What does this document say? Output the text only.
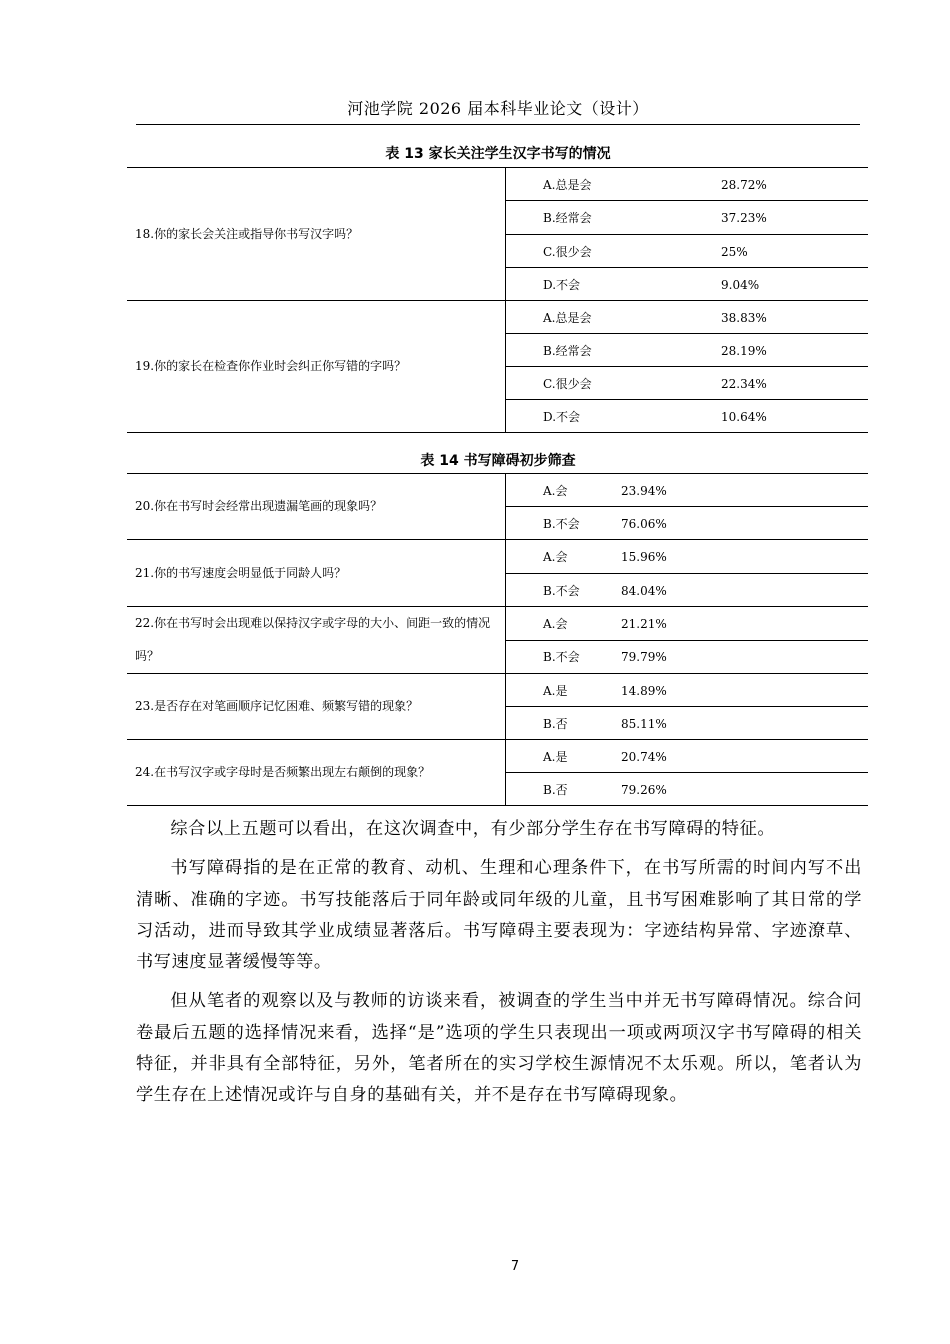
河池学院 2026 届本科毕业论文（设计）
表 13 家长关注学生汉字书写的情况
18.你的家长会关注或指导你书写汉字吗？	A.总是会 28.72%
	B.经常会 37.23%
	C.很少会 25%
	D.不会 9.04%
19.你的家长在检查你作业时会纠正你写错的字吗？	A.总是会 38.83%
	B.经常会 28.19%
	C.很少会 22.34%
	D.不会 10.64%
表 14 书写障碍初步筛查
20.你在书写时会经常出现遗漏笔画的现象吗？	A.会 23.94%
	B.不会 76.06%
21.你的书写速度会明显低于同龄人吗？	A.会 15.96%
	B.不会 84.04%
22.你在书写时会出现难以保持汉字或字母的大小、间距一致的情况吗？	A.会 21.21%
	B.不会 79.79%
23.是否存在对笔画顺序记忆困难、频繁写错的现象？	A.是 14.89%
	B.否 85.11%
24.在书写汉字或字母时是否频繁出现左右颠倒的现象？	A.是 20.74%
	B.否 79.26%

综合以上五题可以看出，在这次调查中，有少部分学生存在书写障碍的特征。

书写障碍指的是在正常的教育、动机、生理和心理条件下，在书写所需的时间内写不出清晰、准确的字迹。书写技能落后于同年龄或同年级的儿童，且书写困难影响了其日常的学习活动，进而导致其学业成绩显著落后。书写障碍主要表现为：字迹结构异常、字迹潦草、书写速度显著缓慢等等。

但从笔者的观察以及与教师的访谈来看，被调查的学生当中并无书写障碍情况。综合问卷最后五题的选择情况来看，选择“是”选项的学生只表现出一项或两项汉字书写障碍的相关特征，并非具有全部特征，另外，笔者所在的实习学校生源情况不太乐观。所以，笔者认为学生存在上述情况或许与自身的基础有关，并不是存在书写障碍现象。

7
